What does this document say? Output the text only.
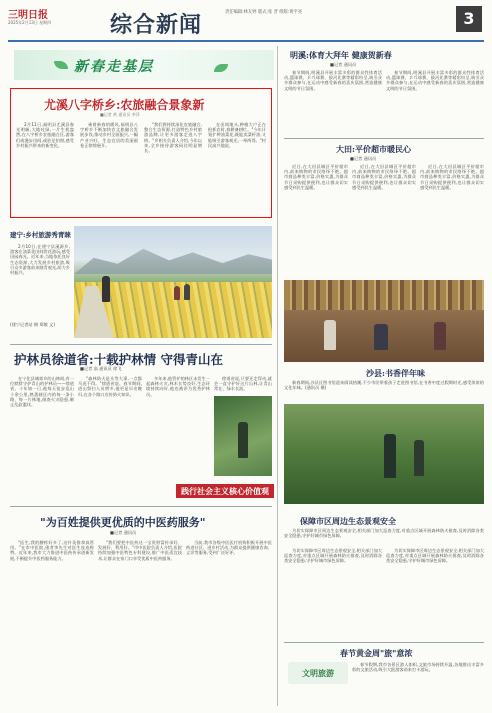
三明日报
2025年2月13日 星期四	综合新闻	责任编辑:林友婷 版式:张 晋 组版:黄平亮	3
新春走基层
尤溪八字桥乡:农旅融合景象新
■记者 黄 通讯员 李萍

2月11日,福明县尤溪县春光明媚,大地吐绿,一片生机盎然,在八字桥乡农旅融合区,游客们或漫步田间,或驻足拍照,感受乡村振兴带来的新变化。

乘着新春的暖风,福明县八字桥乡不断加快农文旅融合发展步伐,推动乡村全面振兴,一幅产业兴旺、生态宜居的美丽画卷正徐徐展开。

"我们将持续深化农旅融合,整合生态资源,打造特色乡村旅游品牌,让更多游客走进八字桥。"乡相关负责人介绍,今年以来,全乡接待游客同比明显增长。

在田间地头,种植大户正在抢抓农时,春耕备耕忙。"今年计划扩种油菜花,既能卖菜籽油,又能吸引游客观光,一举两得。"村民高兴地说。

建宁:乡村旅游秀青睐

2月10日,在建宁县溪源乡,游客在油菜花田间赏花游玩,感受田园春光。近年来,当地依托良好生态资源,大力发展乡村旅游,吸引众多游客前来踏青观光,助力乡村振兴。

(建宁记者站 摄 郑敏 文)
护林员徐道省:十载护林情 守得青山在
■记者 高 通讯员 徐飞

在宁化县城郊乡的山林间,有一位默默守护青山的护林员——徐道省。十年如一日,他每天徒步巡山十余公里,熟悉辖区内的每一条小路、每一片林地,排查火灾隐患,制止乱砍滥伐。

"森林防火是头等大事,一点都马虎不得。"徐道省说。春节期间,进山祭扫人员增多,他更是早出晚归,在各个路口宣传防火知识。

多年来,他管护的林区未发生一起森林火灾,林木长势良好,生态环境持续向好,他也被评为优秀护林员。

徐道省说,只要还走得动,就会一直守护好这片山林,让青山常在、绿水长流。

践行社会主义核心价值观
"为百姓提供更优质的中医药服务"
■记者 通讯员

"医生,我的腰疼好多了,这针灸推拿真管用。"在市中医院,患者李先生对医生连连称赞。近年来,我市大力推进中医药传承创新发展,不断提升中医药服务能力。

"我们要把中医药这一宝贵财富传承好、发展好、利用好。"市中医院负责人介绍,医院持续加强中医特色专科建设,推广中医适宜技术,让群众在家门口享受优质中医药服务。

当前,我市各级中医医疗机构积极开展中医药进社区、进乡村活动,为群众提供健康咨询、义诊等服务,受到广泛好评。

明溪:体育大拜年 健康贺新春
■记者 通讯员

春节期间,明溪县开展丰富多彩的群众性体育活动,篮球赛、乒乓球赛、拔河比赛等精彩纷呈,吸引众多群众参与,在运动中感受新春的喜庆氛围,营造健康文明的节日氛围。

春节期间,明溪县开展丰富多彩的群众性体育活动,篮球赛、乒乓球赛、拔河比赛等精彩纷呈,吸引众多群众参与,在运动中感受新春的喜庆氛围,营造健康文明的节日氛围。

大田:平价超市暖民心
■记者 通讯员

近日,在大田县城区平价超市内,前来购物的市民络绎不绝。超市商品种类丰富,价格实惠,为群众节日采购提供便利,也让群众切实感受到民生温暖。

近日,在大田县城区平价超市内,前来购物的市民络绎不绝。超市商品种类丰富,价格实惠,为群众节日采购提供便利,也让群众切实感受到民生温暖。

近日,在大田县城区平价超市内,前来购物的市民络绎不绝。超市商品种类丰富,价格实惠,为群众节日采购提供便利,也让群众切实感受到民生温暖。

沙县:书香伴年味

新春期间,沙县区图书馆迎来阅读热潮,不少市民带着孩子走进图书馆,在书香中度过假期时光,感受浓浓的文化年味。(通讯员 摄)

保障市区周边生态景观安全

为切实保障市区周边生态景观安全,相关部门加大巡查力度,对重点区域开展森林防火排查,及时消除各类安全隐患,守护好城市绿色屏障。

为切实保障市区周边生态景观安全,相关部门加大巡查力度,对重点区域开展森林防火排查,及时消除各类安全隐患,守护好城市绿色屏障。

为切实保障市区周边生态景观安全,相关部门加大巡查力度,对重点区域开展森林防火排查,及时消除各类安全隐患,守护好城市绿色屏障。

春节黄金周"旅"意浓
文明旅游

春节假期,我市各景区游人如织,文旅市场持续升温,各地推出丰富多彩的文旅活动,吸引大批游客前来打卡游玩。
